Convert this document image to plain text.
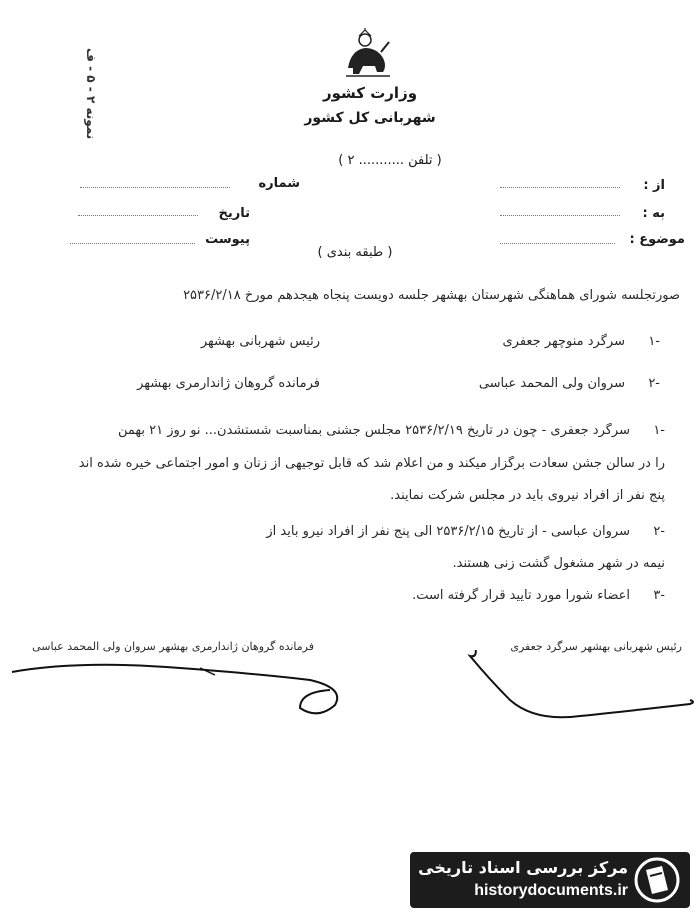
وزارت کشور
شهربانی کل کشور
نمونه ۲ - ۵ - ف
( تلفن ........... ۲ )
شماره
تاریخ
پیوست
از :
به :
موضوع :
( طبقه بندی )
صورتجلسه شورای هماهنگی شهرستان بهشهر جلسه دویست پنجاه هیجدهم مورخ ۲۵۳۶/۲/۱۸
۱-
سرگرد منوچهر جعفری
رئیس شهربانی بهشهر
۲-
سروان ولی المحمد عباسی
فرمانده گروهان ژاندارمری بهشهر
۱-
سرگرد جعفری - چون در تاریخ ۲۵۳۶/۲/۱۹ مجلس جشنی بمناسبت شستشدن... نو روز ۲۱ بهمن
را در سالن جشن سعادت برگزار میکند و من اعلام شد که قابل توجیهی از زنان و امور اجتماعی خیره شده اند
پنج نفر از افراد نیروی باید در مجلس شرکت نمایند.
۲-
سروان عباسی - از تاریخ ۲۵۳۶/۲/۱۵ الی پنج نفر از افراد نیرو باید از
نیمه در شهر مشغول گشت زنی هستند.
۳-
اعضاء شورا مورد تایید قرار گرفته است.
فرمانده گروهان ژاندارمری بهشهر سروان ولی المحمد عباسی	رئیس شهربانی بهشهر سرگرد جعفری
مرکز بررسی اسناد تاریخی
historydocuments.ir
